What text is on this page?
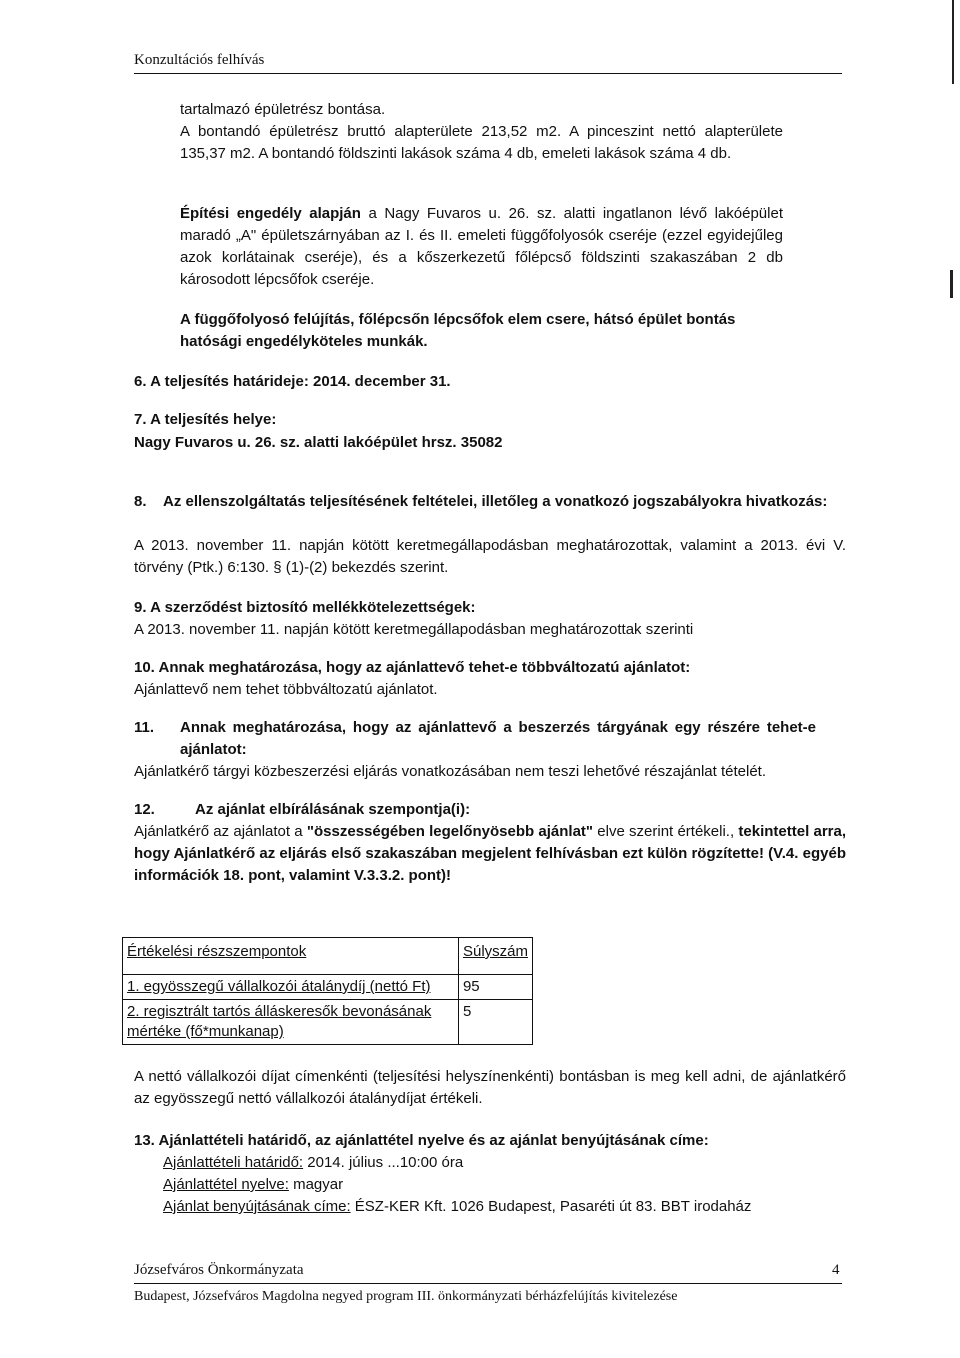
Konzultációs felhívás
tartalmazó épületrész bontása.
A bontandó épületrész bruttó alapterülete 213,52 m2. A pinceszint nettó alapterülete 135,37 m2. A bontandó földszinti lakások száma 4 db, emeleti lakások száma 4 db.
Építési engedély alapján a Nagy Fuvaros u. 26. sz. alatti ingatlanon lévő lakóépület maradó „A" épületszárnyában az I. és II. emeleti függőfolyosók cseréje (ezzel egyidejűleg azok korlátainak cseréje), és a kőszerkezetű főlépcső földszinti szakaszában 2 db károsodott lépcsőfok cseréje.
A függőfolyosó felújítás, főlépcsőn lépcsőfok elem csere, hátsó épület bontás hatósági engedélyköteles munkák.
6. A teljesítés határideje: 2014. december 31.
7. A teljesítés helye:
Nagy Fuvaros u. 26. sz. alatti lakóépület hrsz. 35082
8. Az ellenszolgáltatás teljesítésének feltételei, illetőleg a vonatkozó jogszabályokra hivatkozás:
A 2013. november 11. napján kötött keretmegállapodásban meghatározottak, valamint a 2013. évi V. törvény (Ptk.) 6:130. § (1)-(2) bekezdés szerint.
9. A szerződést biztosító mellékkötelezettségek:
A 2013. november 11. napján kötött keretmegállapodásban meghatározottak szerinti
10. Annak meghatározása, hogy az ajánlattevő tehet-e többváltozatú ajánlatot:
Ajánlattevő nem tehet többváltozatú ajánlatot.
11. Annak meghatározása, hogy az ajánlattevő a beszerzés tárgyának egy részére tehet-e ajánlatot:
Ajánlatkérő tárgyi közbeszerzési eljárás vonatkozásában nem teszi lehetővé részajánlat tételét.
12.	Az ajánlat elbírálásának szempontja(i):
Ajánlatkérő az ajánlatot a "összességében legelőnyösebb ajánlat" elve szerint értékeli., tekintettel arra, hogy Ajánlatkérő az eljárás első szakaszában megjelent felhívásban ezt külön rögzítette! (V.4. egyéb információk 18. pont, valamint V.3.3.2. pont)!
Értékelési részszempontok	Súlyszám
1. egyösszegű vállalkozói átalánydíj (nettó Ft)	95
2. regisztrált tartós álláskeresők bevonásának mértéke (fő*munkanap)	5
A nettó vállalkozói díjat címenkénti (teljesítési helyszínenkénti) bontásban is meg kell adni, de ajánlatkérő az egyösszegű nettó vállalkozói átalánydíjat értékeli.
13. Ajánlattételi határidő, az ajánlattétel nyelve és az ajánlat benyújtásának címe:
Ajánlattételi határidő: 2014. július ...10:00 óra
Ajánlattétel nyelve: magyar
Ajánlat benyújtásának címe: ÉSZ-KER Kft. 1026 Budapest, Pasaréti út 83. BBT irodaház
Józsefváros Önkormányzata	4
Budapest, Józsefváros Magdolna negyed program III. önkormányzati bérházfelújítás kivitelezése
